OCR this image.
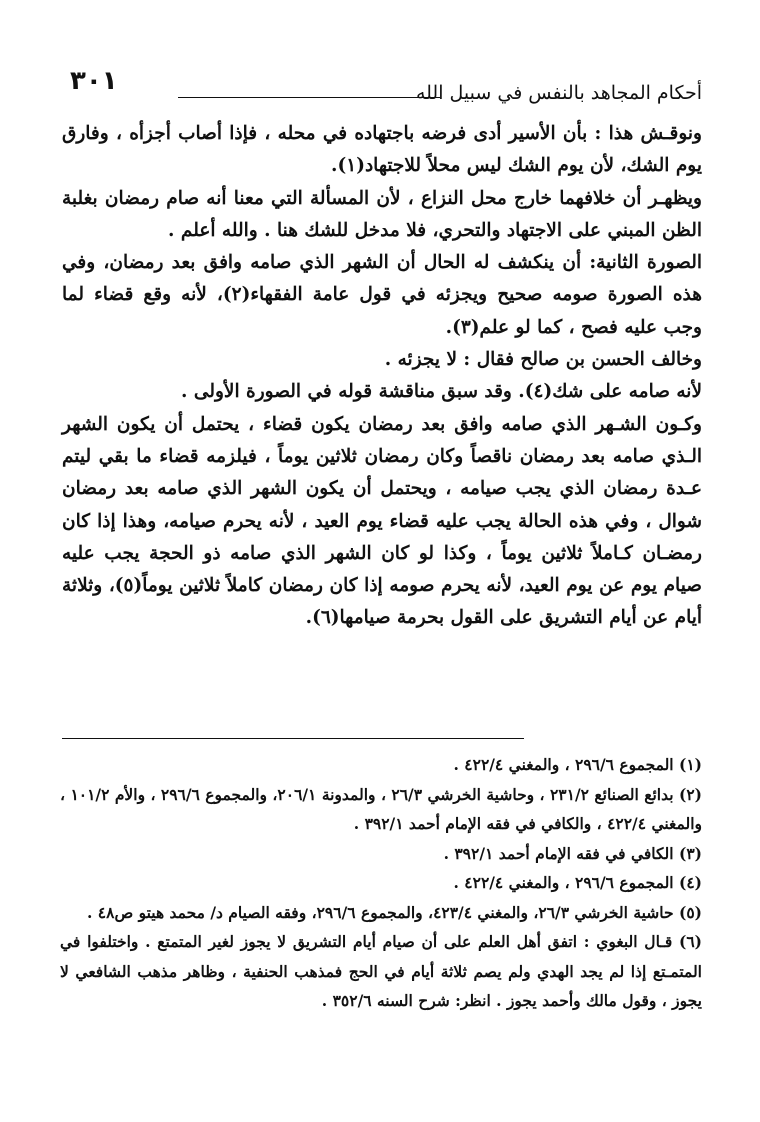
٣٠١	أحكام المجاهد بالنفس في سبيل الله

ونوقـش هذا : بأن الأسير أدى فرضه باجتهاده في محله ، فإذا أصاب أجزأه ، وفارق يوم الشك، لأن يوم الشك ليس محلاً للاجتهاد(١).

ويظهـر أن خلافهما خارج محل النزاع ، لأن المسألة التي معنا أنه صام رمضان بغلبة الظن المبني على الاجتهاد والتحري، فلا مدخل للشك هنا . والله أعلم .

الصورة الثانية: أن ينكشف له الحال أن الشهر الذي صامه وافق بعد رمضان، وفي هذه الصورة صومه صحيح ويجزئه في قول عامة الفقهاء(٢)، لأنه وقع قضاء لما وجب عليه فصح ، كما لو علم(٣).

وخالف الحسن بن صالح فقال : لا يجزئه .

لأنه صامه على شك(٤). وقد سبق مناقشة قوله في الصورة الأولى .

وكـون الشـهر الذي صامه وافق بعد رمضان يكون قضاء ، يحتمل أن يكون الشهر الـذي صامه بعد رمضان ناقصاً وكان رمضان ثلاثين يوماً ، فيلزمه قضاء ما بقي ليتم عـدة رمضان الذي يجب صيامه ، ويحتمل أن يكون الشهر الذي صامه بعد رمضان شوال ، وفي هذه الحالة يجب عليه قضاء يوم العيد ، لأنه يحرم صيامه، وهذا إذا كان رمضـان كـاملاً ثلاثين يوماً ، وكذا لو كان الشهر الذي صامه ذو الحجة يجب عليه صيام يوم عن يوم العيد، لأنه يحرم صومه إذا كان رمضان كاملاً ثلاثين يوماً(٥)، وثلاثة أيام عن أيام التشريق على القول بحرمة صيامها(٦).

(١) المجموع ٢٩٦/٦ ، والمغني ٤٢٢/٤ .

(٢) بدائع الصنائع ٢٣١/٢ ، وحاشية الخرشي ٢٦/٣ ، والمدونة ٢٠٦/١، والمجموع ٢٩٦/٦ ، والأم ١٠١/٢ ، والمغني ٤٢٢/٤ ، والكافي في فقه الإمام أحمد ٣٩٢/١ .

(٣) الكافي في فقه الإمام أحمد ٣٩٢/١ .

(٤) المجموع ٢٩٦/٦ ، والمغني ٤٢٢/٤ .

(٥) حاشية الخرشي ٢٦/٣، والمغني ٤٢٣/٤، والمجموع ٢٩٦/٦، وفقه الصيام د/ محمد هيتو ص٤٨ .

(٦) قـال البغوي : اتفق أهل العلم على أن صيام أيام التشريق لا يجوز لغير المتمتع . واختلفوا في المتمـتع إذا لم يجد الهدي ولم يصم ثلاثة أيام في الحج فمذهب الحنفية ، وظاهر مذهب الشافعي لا يجوز ، وقول مالك وأحمد يجوز . انظر: شرح السنه ٣٥٢/٦ .
